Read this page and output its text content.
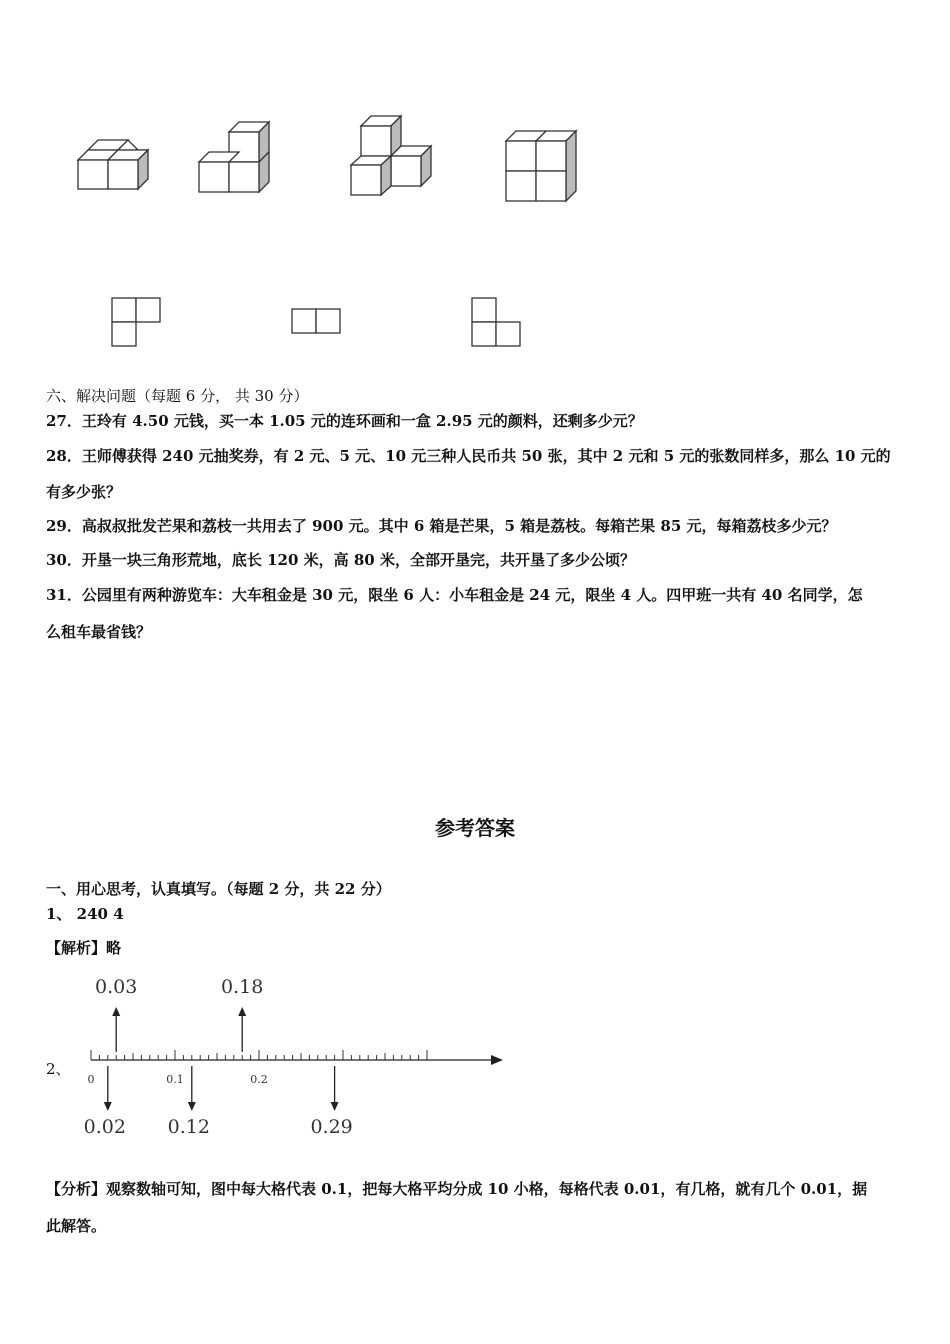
六、解决问题（每题 6 分， 共 30 分）
27．王玲有 4.50 元钱，买一本 1.05 元的连环画和一盒 2.95 元的颜料，还剩多少元？
28．王师傅获得 240 元抽奖券，有 2 元、5 元、10 元三种人民币共 50 张，其中 2 元和 5 元的张数同样多，那么 10 元的
有多少张？
29．高叔叔批发芒果和荔枝一共用去了 900 元。其中 6 箱是芒果，5 箱是荔枝。每箱芒果 85 元，每箱荔枝多少元？
30．开垦一块三角形荒地，底长 120 米，高 80 米，全部开垦完，共开垦了多少公顷？
31．公园里有两种游览车：大车租金是 30 元，限坐 6 人：小车租金是 24 元，限坐 4 人。四甲班一共有 40 名同学，怎
么租车最省钱？
参考答案
一、用心思考，认真填写。（每题 2 分，共 22 分）
1、 240 4
【解析】略
2、
0	0.1	0.2
0.03	0.18
0.02 0.12	0.29
【分析】观察数轴可知，图中每大格代表 0.1，把每大格平均分成 10 小格，每格代表 0.01，有几格，就有几个 0.01，据
此解答。
